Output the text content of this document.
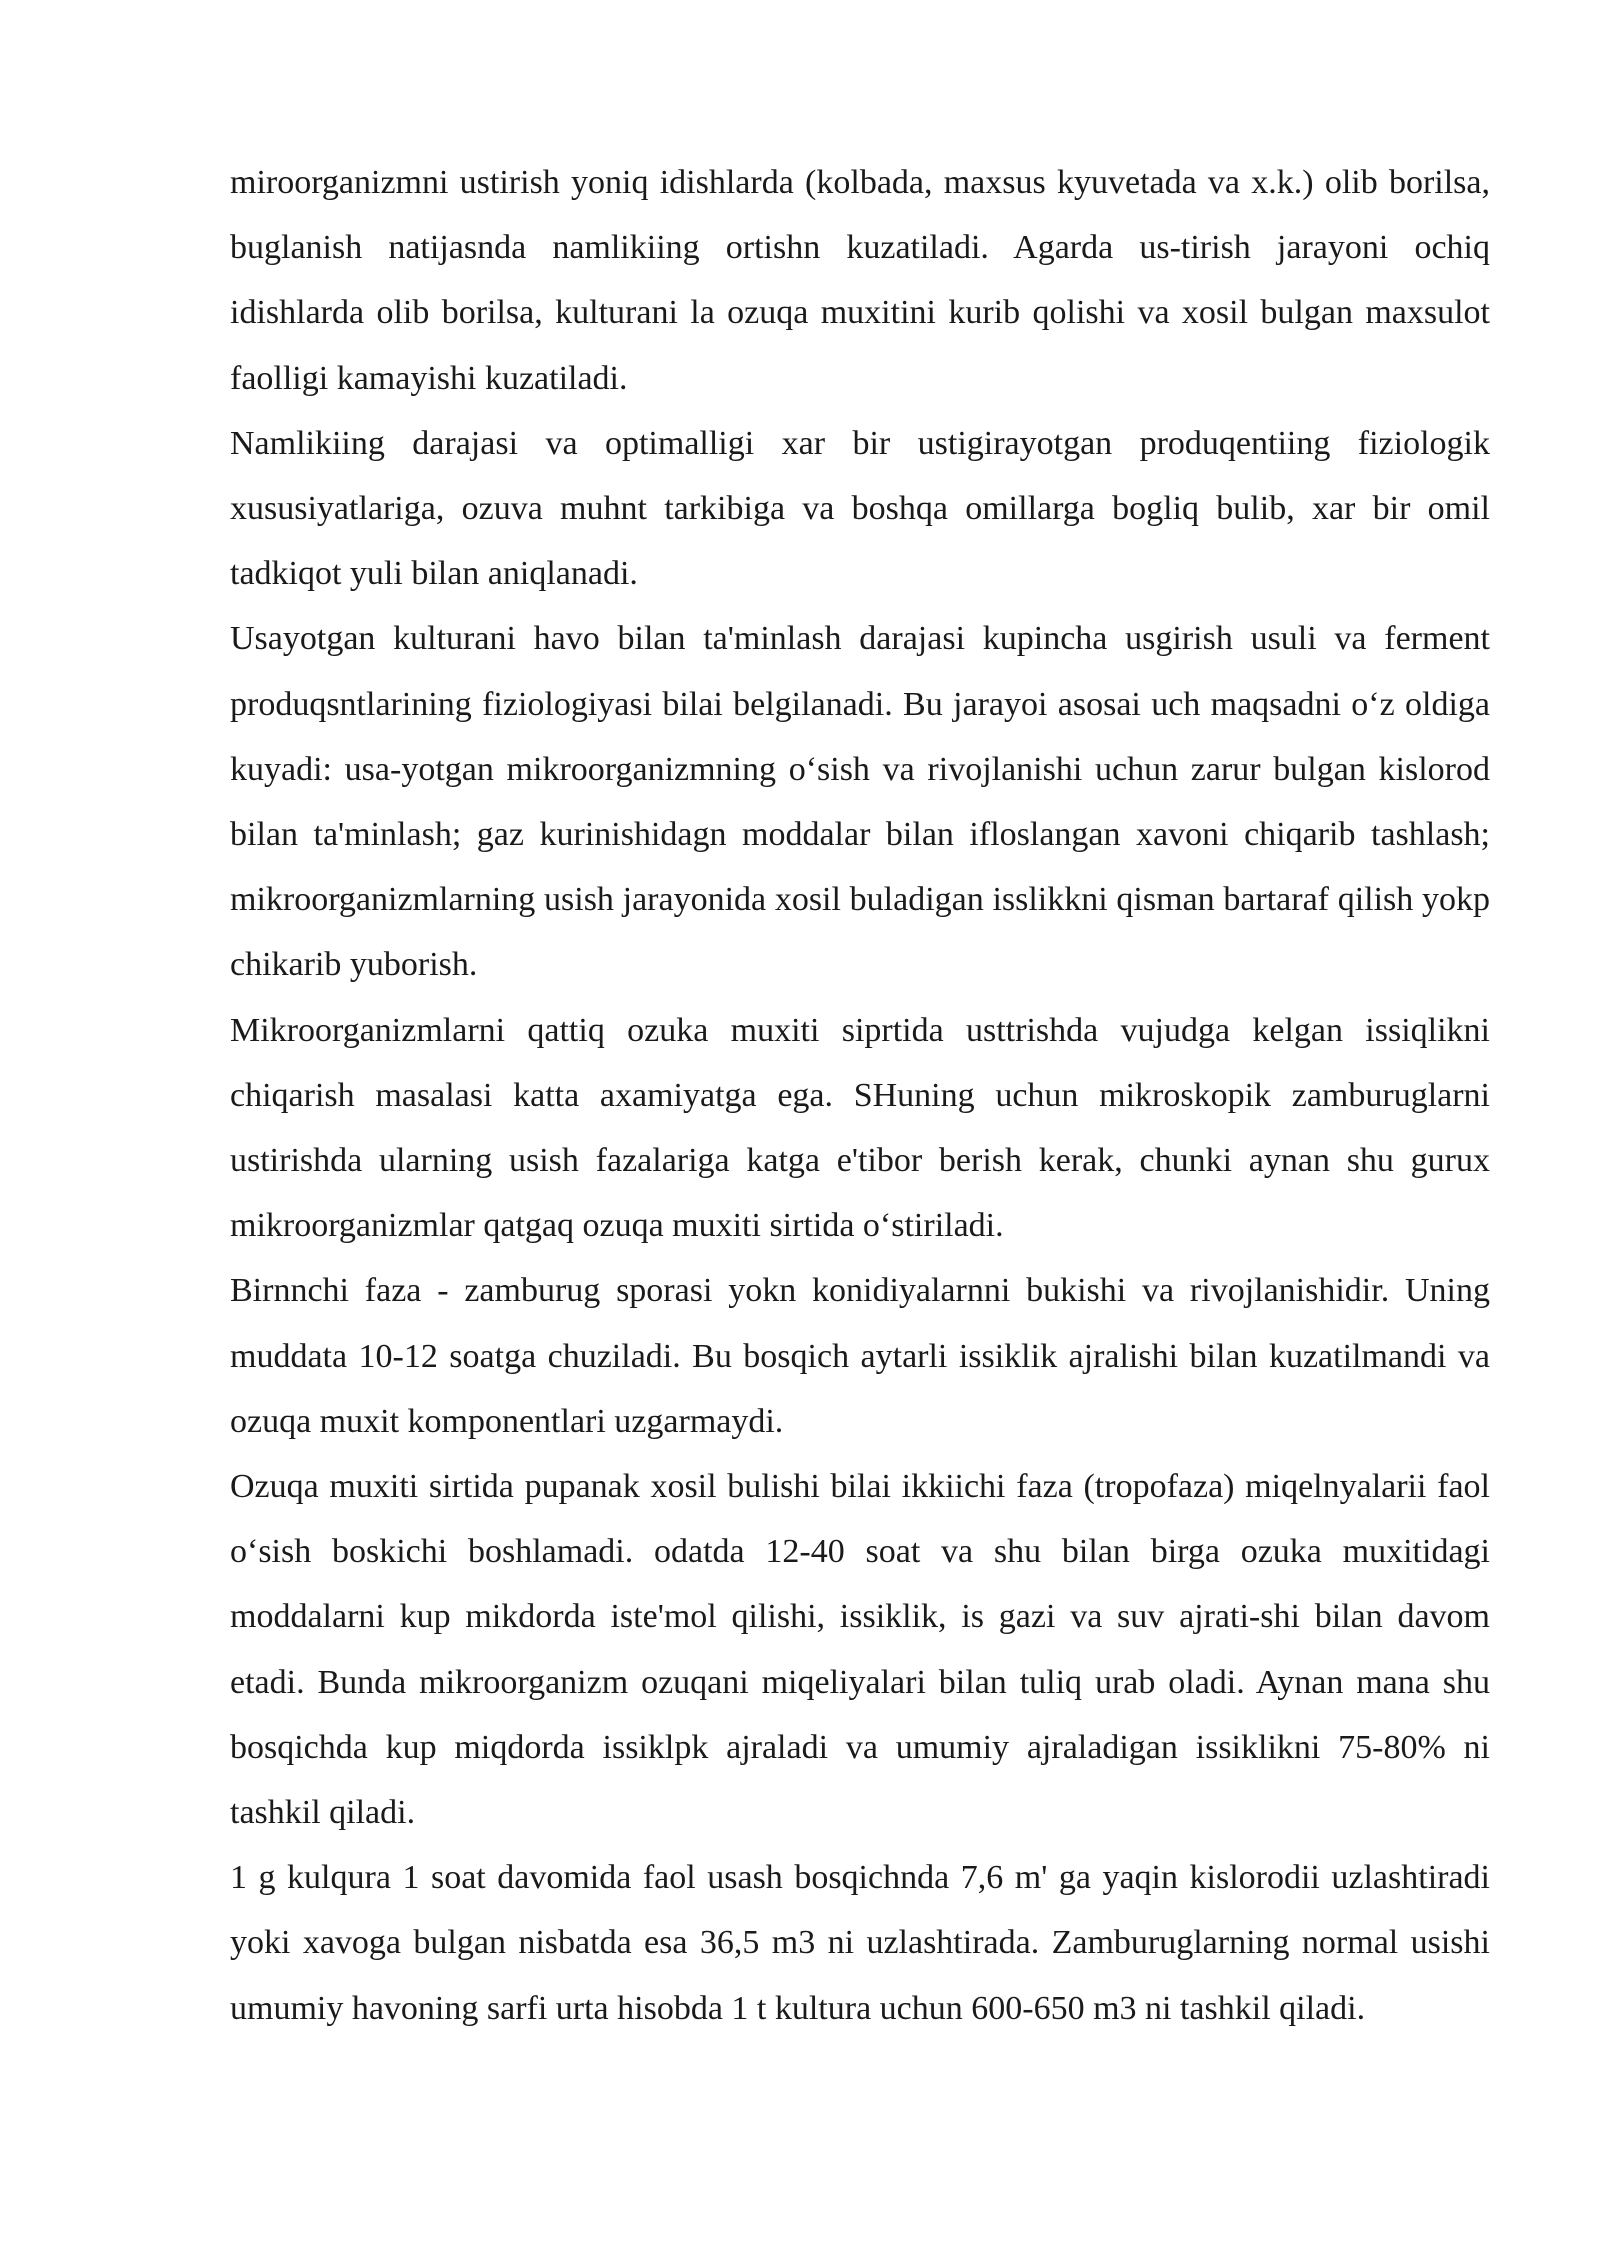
miroorganizmni ustirish yoniq idishlarda (kolbada, maxsus kyuvetada va x.k.) olib borilsa, buglanish natijasnda namlikiing ortishn kuzatiladi. Agarda us-tirish jarayoni ochiq idishlarda olib borilsa, kulturani la ozuqa muxitini kurib qolishi va xosil bulgan maxsulot faolligi kamayishi kuzatiladi.

Namlikiing darajasi va optimalligi xar bir ustigirayotgan produqentiing fiziologik xususiyatlariga, ozuva muhnt tarkibiga va boshqa omillarga bogliq bulib, xar bir omil tadkiqot yuli bilan aniqlanadi.

Usayotgan kulturani havo bilan ta'minlash darajasi kupincha usgirish usuli va ferment produqsntlarining fiziologiyasi bilai belgilanadi. Bu jarayoi asosai uch maqsadni o‘z oldiga kuyadi: usa-yotgan mikroorganizmning o‘sish va rivojlanishi uchun zarur bulgan kislorod bilan ta'minlash; gaz kurinishidagn moddalar bilan ifloslangan xavoni chiqarib tashlash; mikroorganizmlarning usish jarayonida xosil buladigan isslikkni qisman bartaraf qilish yokp chikarib yuborish.

Mikroorganizmlarni qattiq ozuka muxiti siprtida usttrishda vujudga kelgan issiqlikni chiqarish masalasi katta axamiyatga ega. SHuning uchun mikroskopik zamburuglarni ustirishda ularning usish fazalariga katga e'tibor berish kerak, chunki aynan shu gurux mikroorganizmlar qatgaq ozuqa muxiti sirtida o‘stiriladi.

Birnnchi faza - zamburug sporasi yokn konidiyalarnni bukishi va rivojlanishidir. Uning muddata 10-12 soatga chuziladi. Bu bosqich aytarli issiklik ajralishi bilan kuzatilmandi va ozuqa muxit komponentlari uzgarmaydi.

Ozuqa muxiti sirtida pupanak xosil bulishi bilai ikkiichi faza (tropofaza) miqelnyalarii faol o‘sish boskichi boshlamadi. odatda 12-40 soat va shu bilan birga ozuka muxitidagi moddalarni kup mikdorda iste'mol qilishi, issiklik, is gazi va suv ajrati-shi bilan davom etadi. Bunda mikroorganizm ozuqani miqeliyalari bilan tuliq urab oladi. Aynan mana shu bosqichda kup miqdorda issiklpk ajraladi va umumiy ajraladigan issiklikni 75-80% ni tashkil qiladi.

1 g kulqura 1 soat davomida faol usash bosqichnda 7,6 m' ga yaqin kislorodii uzlashtiradi yoki xavoga bulgan nisbatda esa 36,5 m3 ni uzlashtirada. Zamburuglarning normal usishi umumiy havoning sarfi urta hisobda 1 t kultura uchun 600-650 m3 ni tashkil qiladi.
